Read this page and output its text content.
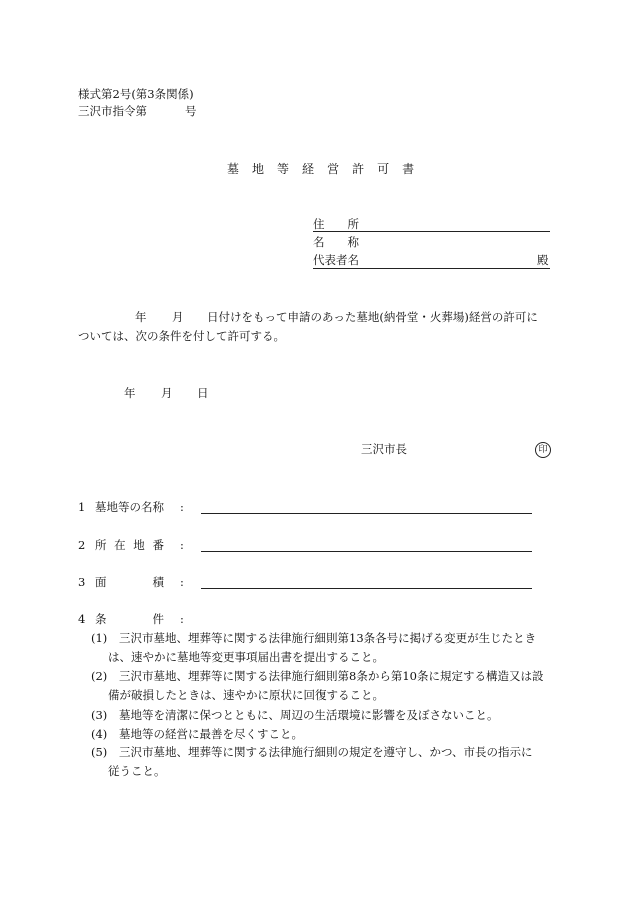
様式第2号(第3条関係)
三沢市指令第	号
墓 地 等 経 営 許 可 書
住　　所
名　　称
代表者名	殿
年 月 日付けをもって申請のあった墓地(納骨堂・火葬場)経営の許可に
ついては、次の条件を付して許可する。
年 月 日
三沢市長	印
1 墓地等の名称 :
2 所 在 地 番 :
3 面　　　　積 :
4 条　　　　件 :
(1) 三沢市墓地、埋葬等に関する法律施行細則第13条各号に掲げる変更が生じたとき
は、速やかに墓地等変更事項届出書を提出すること。
(2) 三沢市墓地、埋葬等に関する法律施行細則第8条から第10条に規定する構造又は設
備が破損したときは、速やかに原状に回復すること。
(3) 墓地等を清潔に保つとともに、周辺の生活環境に影響を及ぼさないこと。
(4) 墓地等の経営に最善を尽くすこと。
(5) 三沢市墓地、埋葬等に関する法律施行細則の規定を遵守し、かつ、市長の指示に
従うこと。
